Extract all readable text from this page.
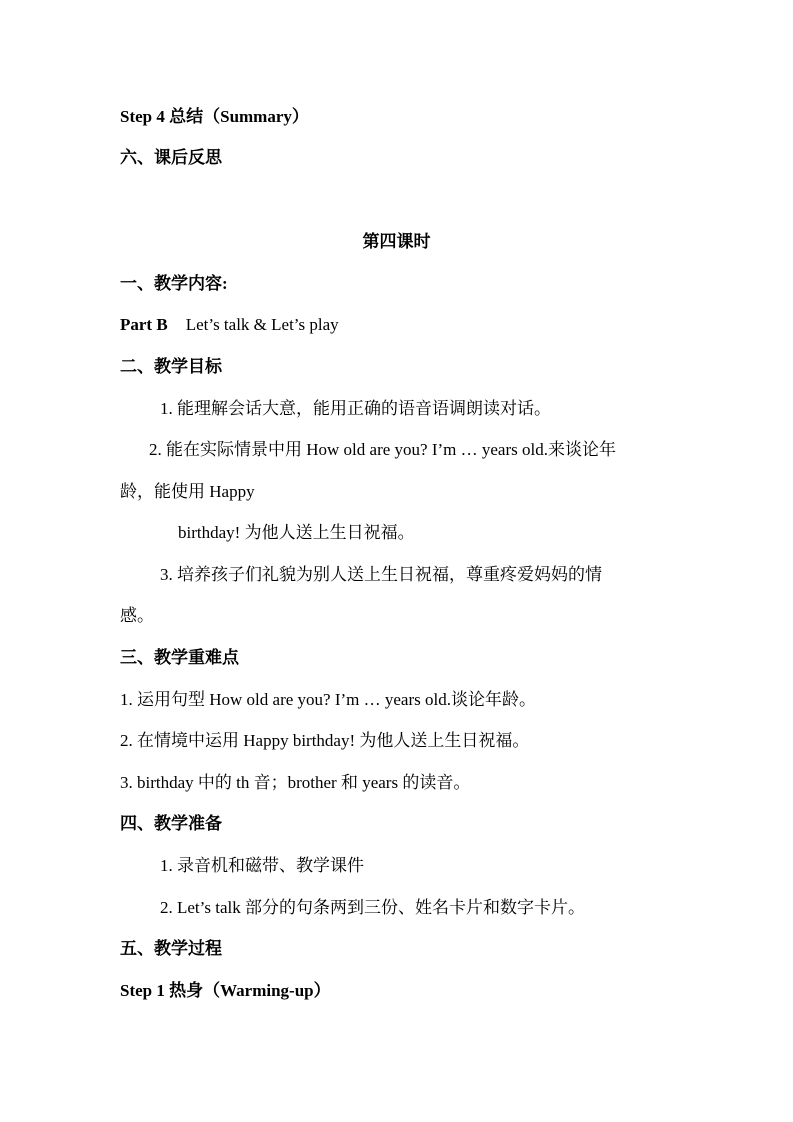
Step 4 总结（Summary）
六、课后反思
第四课时
一、教学内容:
Part B Let’s talk & Let’s play
二、教学目标
1. 能理解会话大意，能用正确的语音语调朗读对话。
2. 能在实际情景中用 How old are you? I’m … years old.来谈论年
龄，能使用 Happy
birthday! 为他人送上生日祝福。
3. 培养孩子们礼貌为别人送上生日祝福，尊重疼爱妈妈的情
感。
三、教学重难点
1. 运用句型 How old are you? I’m … years old.谈论年龄。
2. 在情境中运用 Happy birthday! 为他人送上生日祝福。
3. birthday 中的 th 音；brother 和 years 的读音。
四、教学准备
1. 录音机和磁带、教学课件
2. Let’s talk 部分的句条两到三份、姓名卡片和数字卡片。
五、教学过程
Step 1 热身（Warming-up）
